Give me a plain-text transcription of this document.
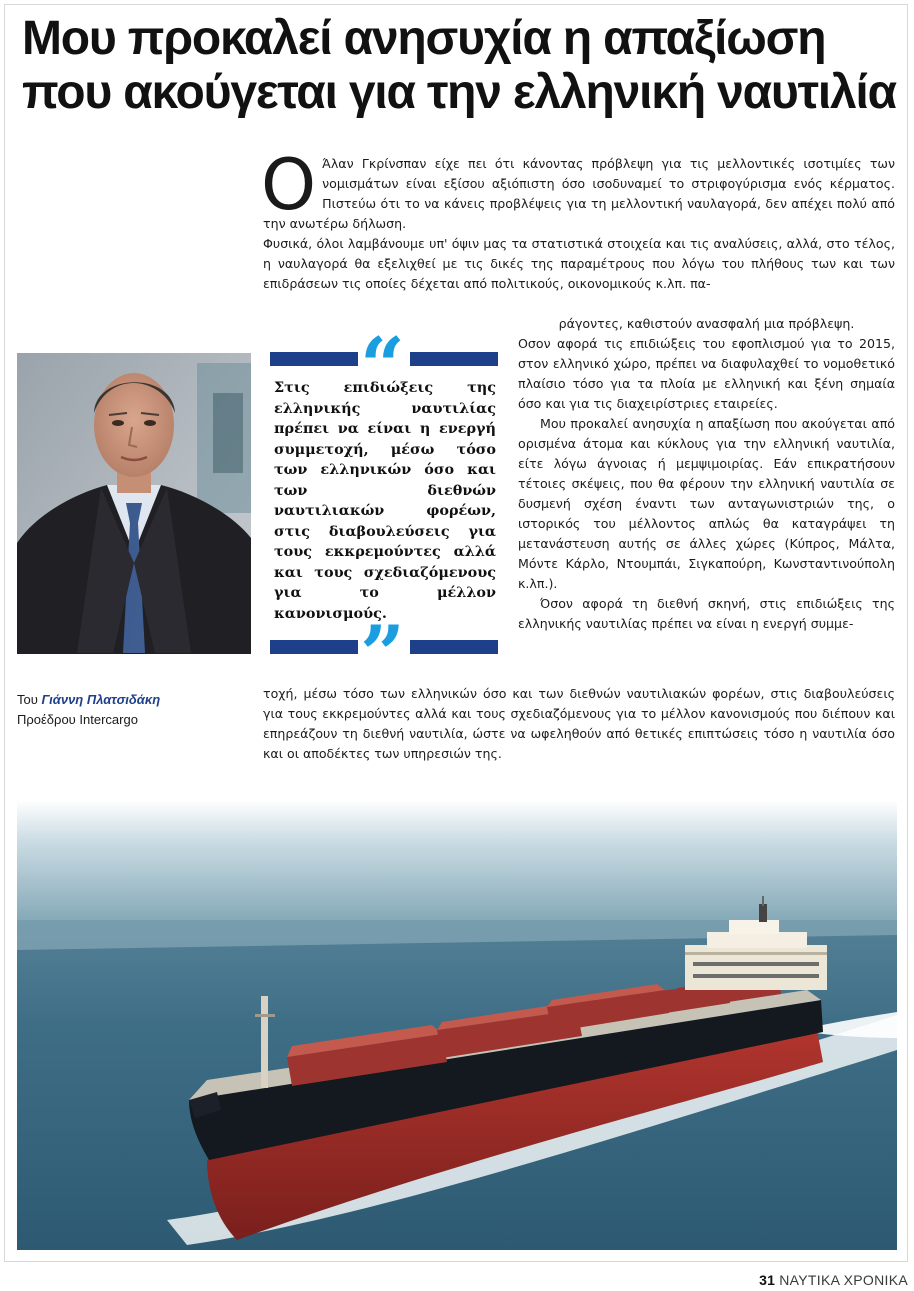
Μου προκαλεί ανησυχία η απαξίωση
που ακούγεται για την ελληνική ναυτιλία
Ο Άλαν Γκρίνσπαν είχε πει ότι κάνοντας πρόβλεψη για τις μελλοντικές ισοτιμίες των νομισμάτων είναι εξίσου αξιόπιστη όσο ισοδυναμεί το στριφογύρισμα ενός κέρματος. Πιστεύω ότι το να κάνεις προβλέψεις για τη μελλοντική ναυλαγορά, δεν απέχει πολύ από την ανωτέρω δήλωση.

Φυσικά, όλοι λαμβάνουμε υπ' όψιν μας τα στατιστικά στοιχεία και τις αναλύσεις, αλλά, στο τέλος, η ναυλαγορά θα εξελιχθεί με τις δικές της παραμέτρους που λόγω του πλήθους των και των επιδράσεων τις οποίες δέχεται από πολιτικούς, οικονομικούς κ.λπ. πα-

ράγοντες, καθιστούν ανασφαλή μια πρόβλεψη.

Οσον αφορά τις επιδιώξεις του εφοπλισμού για το 2015, στον ελληνικό χώρο, πρέπει να διαφυλαχθεί το νομοθετικό πλαίσιο τόσο για τα πλοία με ελληνική και ξένη σημαία όσο και για τις διαχειρίστριες εταιρείες.

Μου προκαλεί ανησυχία η απαξίωση που ακούγεται από ορισμένα άτομα και κύκλους για την ελληνική ναυτιλία, είτε λόγω άγνοιας ή μεμψιμοιρίας. Εάν επικρατήσουν τέτοιες σκέψεις, που θα φέρουν την ελληνική ναυτιλία σε δυσμενή σχέση έναντι των ανταγωνιστριών της, ο ιστορικός του μέλλοντος απλώς θα καταγράψει τη μετανάστευση αυτής σε άλλες χώρες (Κύπρος, Μάλτα, Μόντε Κάρλο, Ντουμπάι, Σιγκαπούρη, Κωνσταντινούπολη κ.λπ.).

Όσον αφορά τη διεθνή σκηνή, στις επιδιώξεις της ελληνικής ναυτιλίας πρέπει να είναι η ενεργή συμμε-

τοχή, μέσω τόσο των ελληνικών όσο και των διεθνών ναυτιλιακών φορέων, στις διαβουλεύσεις για τους εκκρεμούντες αλλά και τους σχεδιαζόμενους για το μέλλον κανονισμούς που διέπουν και επηρεάζουν τη διεθνή ναυτιλία, ώστε να ωφεληθούν από θετικές επιπτώσεις τόσο η ναυτιλία όσο και οι αποδέκτες των υπηρεσιών της.

“
Στις επιδιώξεις της ελληνικής ναυτιλίας πρέπει να είναι η ενεργή συμμετοχή, μέσω τόσο των ελληνικών όσο και των διεθνών ναυτιλιακών φορέων, στις διαβουλεύσεις για τους εκκρεμούντες αλλά και τους σχεδιαζόμενους για το μέλλον κανονισμούς.
”
Του Γιάννη Πλατσιδάκη
Προέδρου Intercargo
31 ΝΑΥΤΙΚΑ ΧΡΟΝΙΚΑ
